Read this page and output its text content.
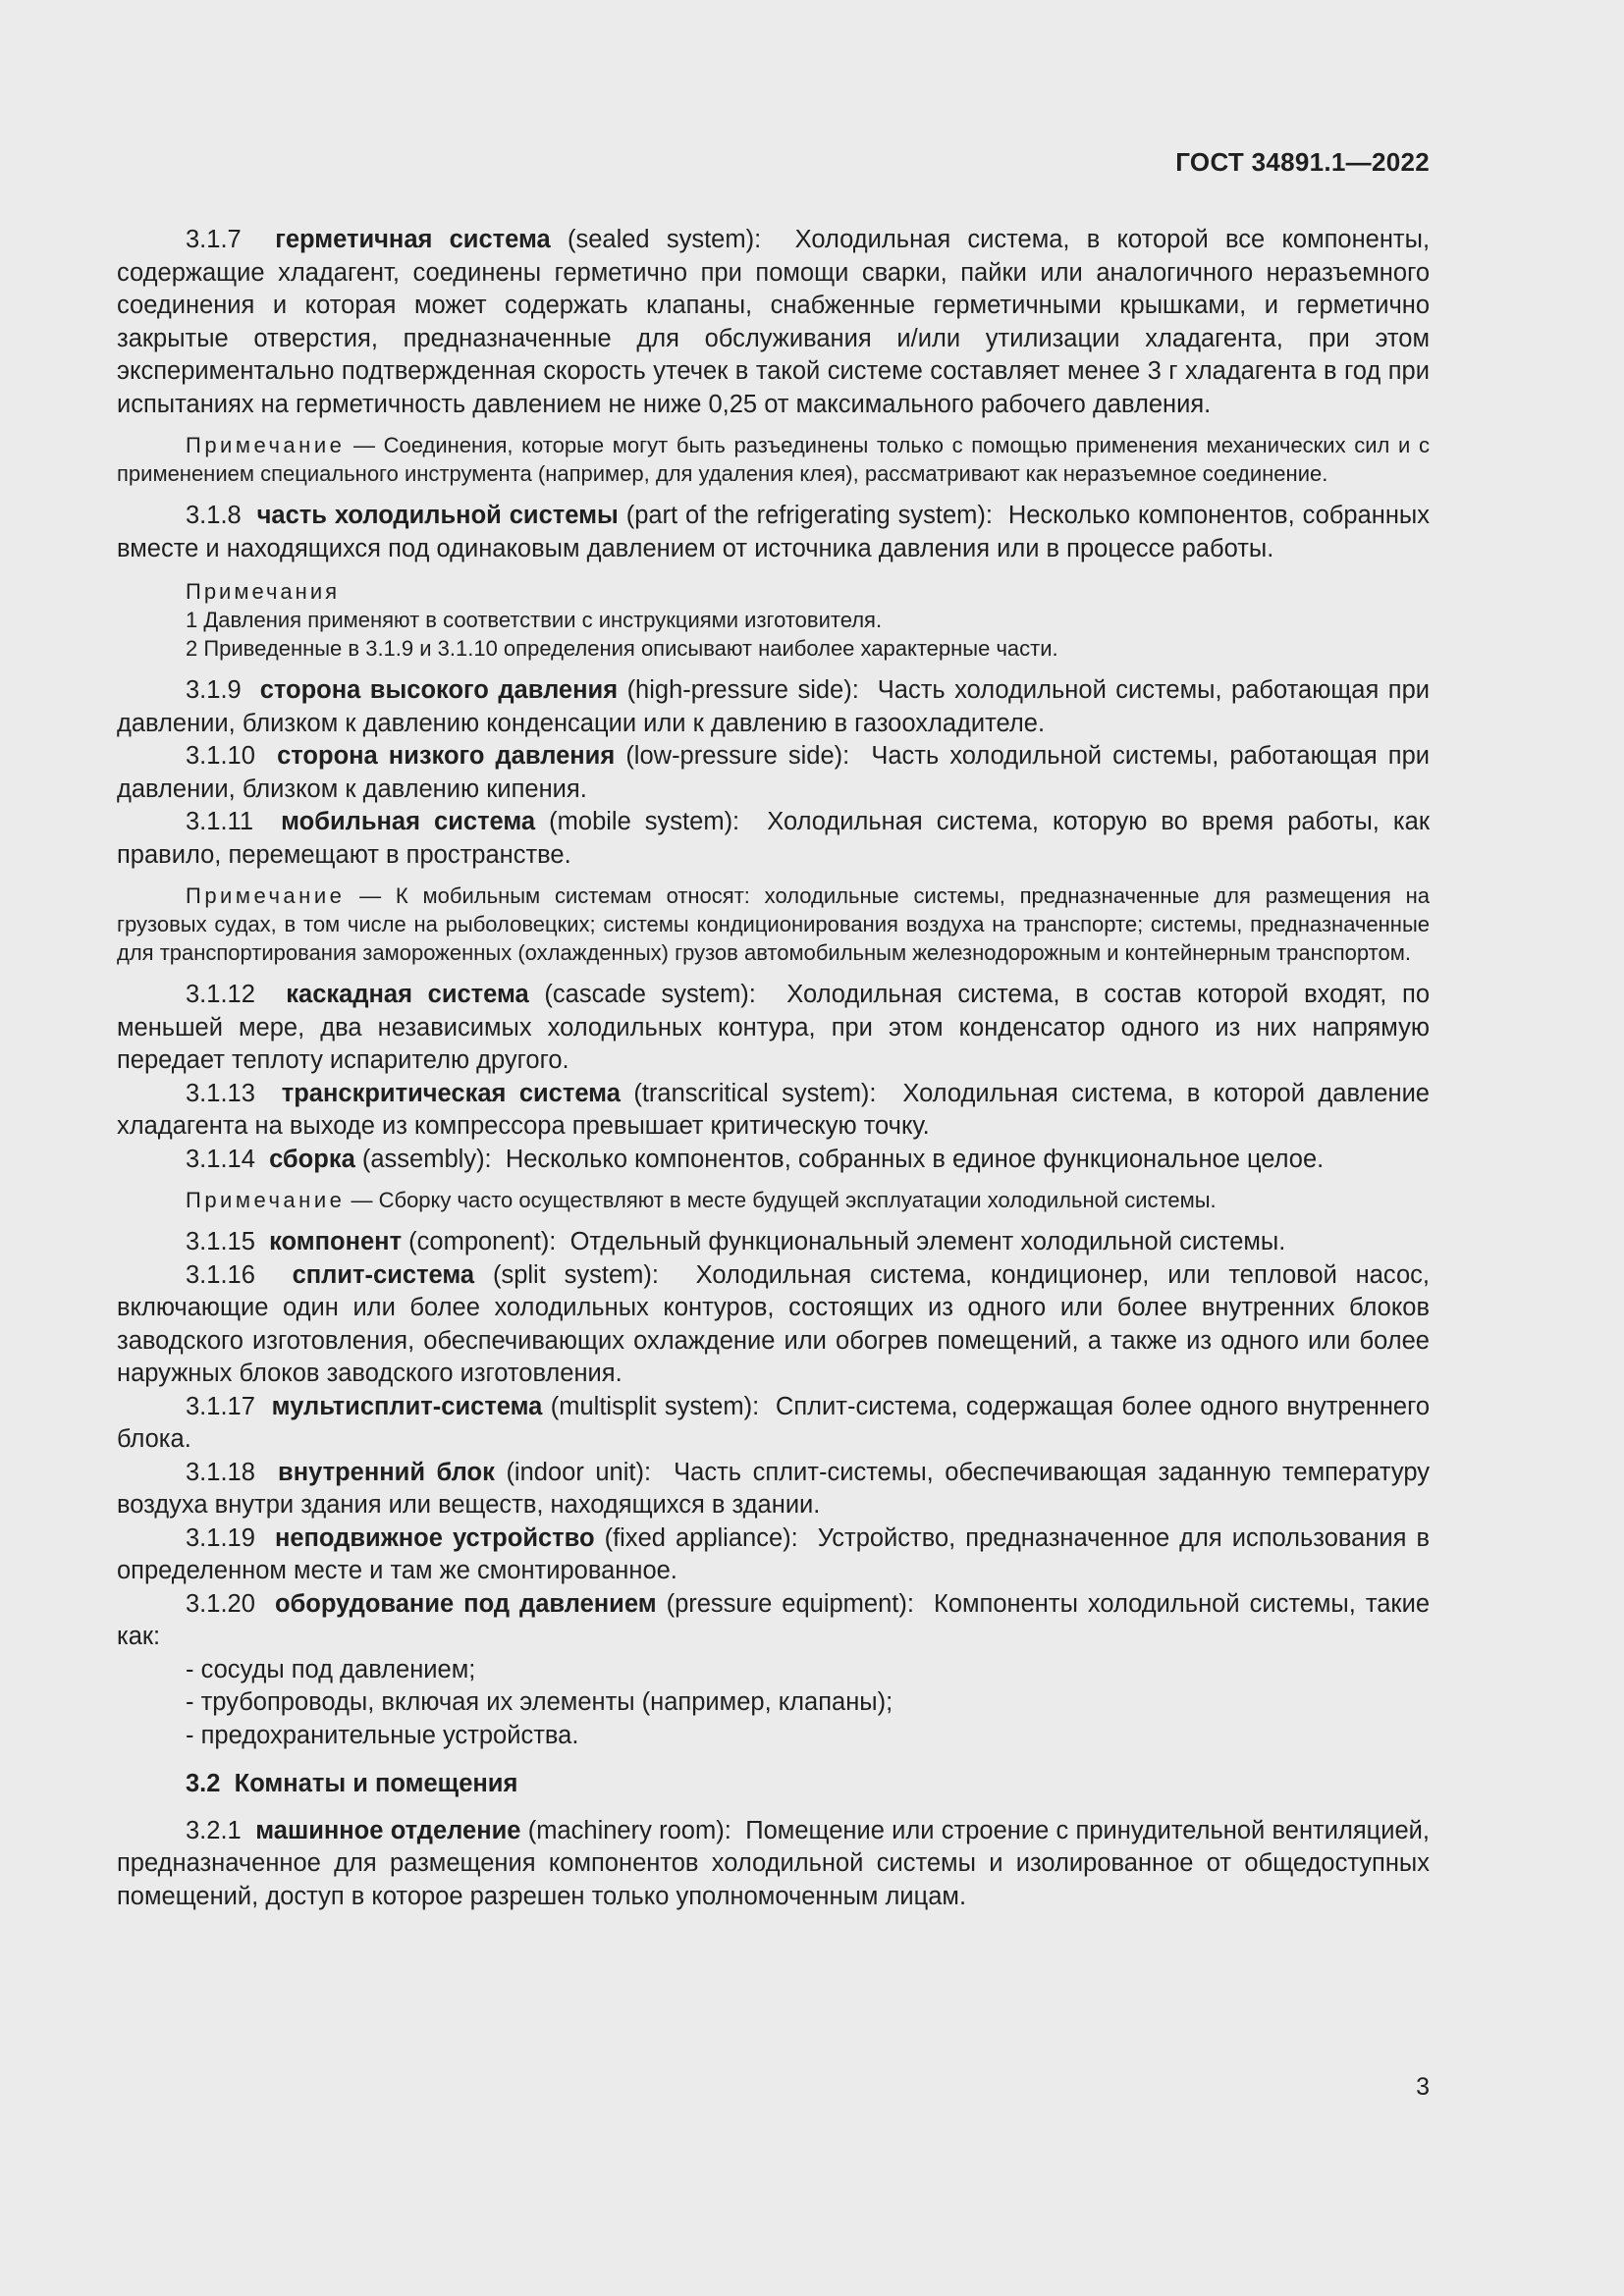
ГОСТ 34891.1—2022

3.1.7 герметичная система (sealed system): Холодильная система, в которой все компоненты, содержащие хладагент, соединены герметично при помощи сварки, пайки или аналогичного неразъемного соединения и которая может содержать клапаны, снабженные герметичными крышками, и герметично закрытые отверстия, предназначенные для обслуживания и/или утилизации хладагента, при этом экспериментально подтвержденная скорость утечек в такой системе составляет менее 3 г хладагента в год при испытаниях на герметичность давлением не ниже 0,25 от максимального рабочего давления.

Примечание — Соединения, которые могут быть разъединены только с помощью применения механических сил и с применением специального инструмента (например, для удаления клея), рассматривают как неразъемное соединение.

3.1.8 часть холодильной системы (part of the refrigerating system): Несколько компонентов, собранных вместе и находящихся под одинаковым давлением от источника давления или в процессе работы.

Примечания
1 Давления применяют в соответствии с инструкциями изготовителя.
2 Приведенные в 3.1.9 и 3.1.10 определения описывают наиболее характерные части.

3.1.9 сторона высокого давления (high-pressure side): Часть холодильной системы, работающая при давлении, близком к давлению конденсации или к давлению в газоохладителе.

3.1.10 сторона низкого давления (low-pressure side): Часть холодильной системы, работающая при давлении, близком к давлению кипения.

3.1.11 мобильная система (mobile system): Холодильная система, которую во время работы, как правило, перемещают в пространстве.

Примечание — К мобильным системам относят: холодильные системы, предназначенные для размещения на грузовых судах, в том числе на рыболовецких; системы кондиционирования воздуха на транспорте; системы, предназначенные для транспортирования замороженных (охлажденных) грузов автомобильным железнодорожным и контейнерным транспортом.

3.1.12 каскадная система (cascade system): Холодильная система, в состав которой входят, по меньшей мере, два независимых холодильных контура, при этом конденсатор одного из них напрямую передает теплоту испарителю другого.

3.1.13 транскритическая система (transcritical system): Холодильная система, в которой давление хладагента на выходе из компрессора превышает критическую точку.

3.1.14 сборка (assembly): Несколько компонентов, собранных в единое функциональное целое.

Примечание — Сборку часто осуществляют в месте будущей эксплуатации холодильной системы.

3.1.15 компонент (component): Отдельный функциональный элемент холодильной системы.

3.1.16 сплит-система (split system): Холодильная система, кондиционер, или тепловой насос, включающие один или более холодильных контуров, состоящих из одного или более внутренних блоков заводского изготовления, обеспечивающих охлаждение или обогрев помещений, а также из одного или более наружных блоков заводского изготовления.

3.1.17 мультисплит-система (multisplit system): Сплит-система, содержащая более одного внутреннего блока.

3.1.18 внутренний блок (indoor unit): Часть сплит-системы, обеспечивающая заданную температуру воздуха внутри здания или веществ, находящихся в здании.

3.1.19 неподвижное устройство (fixed appliance): Устройство, предназначенное для использования в определенном месте и там же смонтированное.

3.1.20 оборудование под давлением (pressure equipment): Компоненты холодильной системы, такие как:

- сосуды под давлением;
- трубопроводы, включая их элементы (например, клапаны);
- предохранительные устройства.
3.2 Комнаты и помещения

3.2.1 машинное отделение (machinery room): Помещение или строение с принудительной вентиляцией, предназначенное для размещения компонентов холодильной системы и изолированное от общедоступных помещений, доступ в которое разрешен только уполномоченным лицам.

3
